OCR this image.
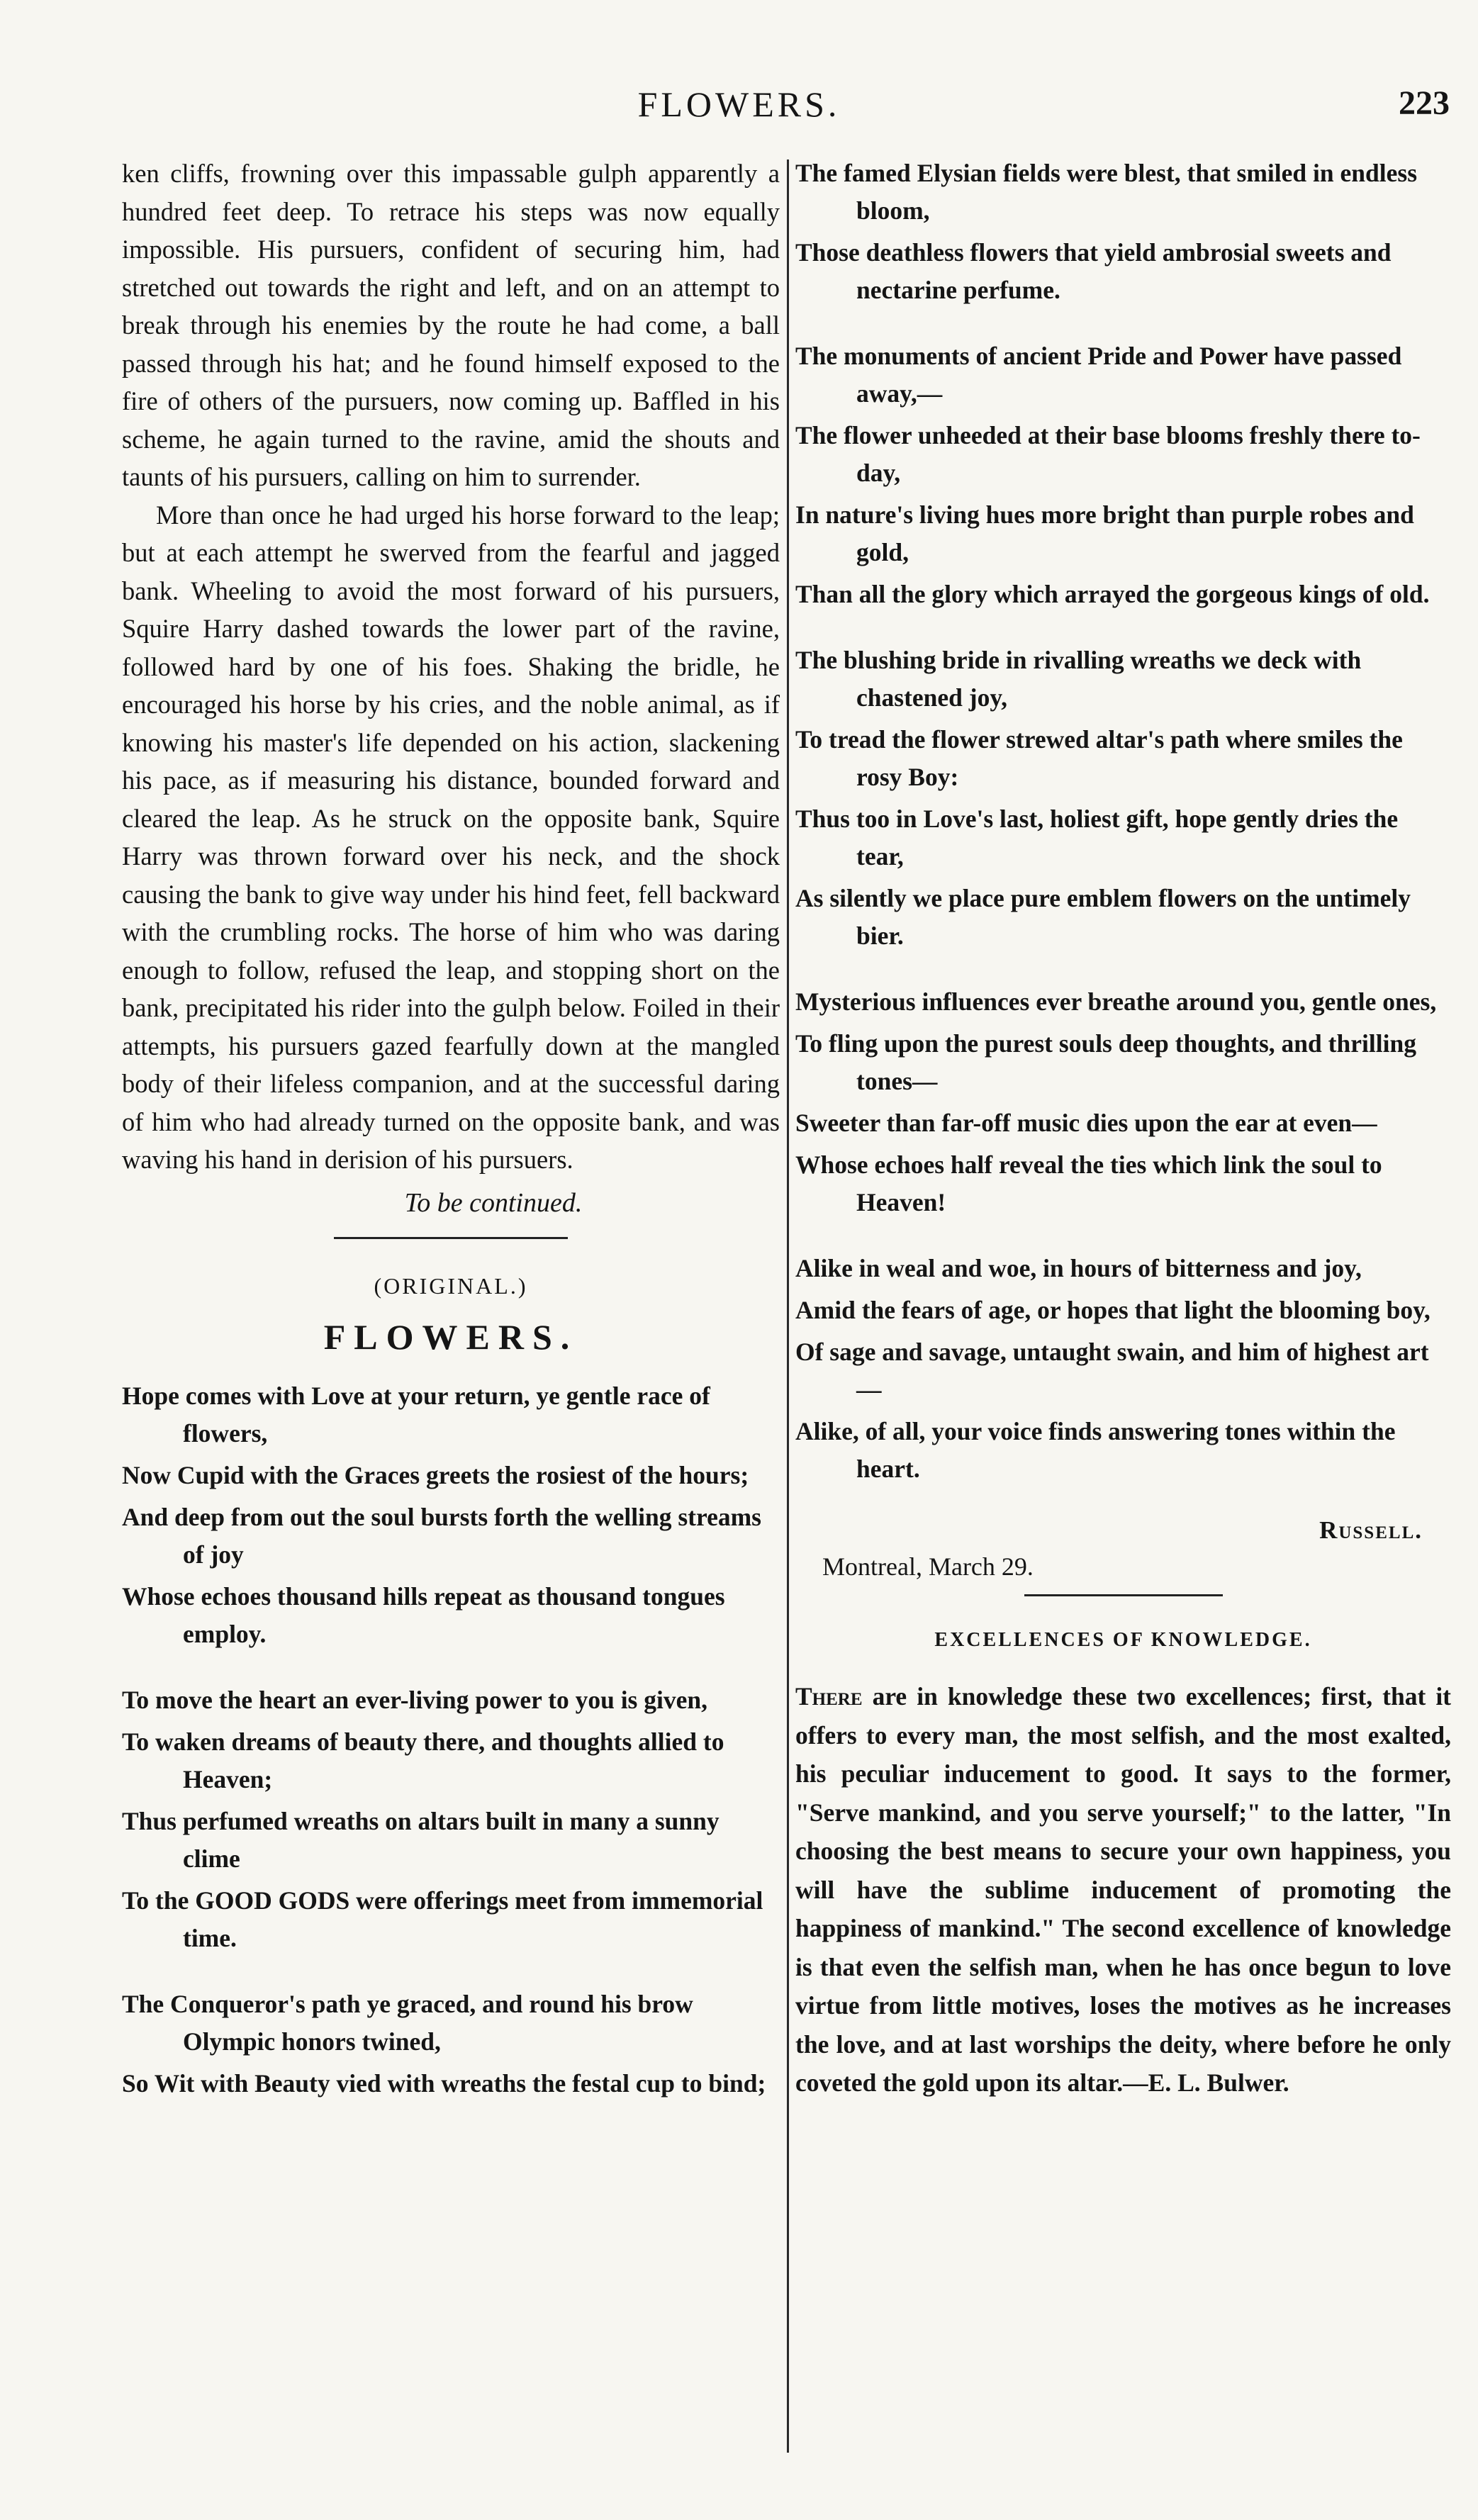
FLOWERS.	223

ken cliffs, frowning over this impassable gulph apparently a hundred feet deep. To retrace his steps was now equally impossible. His pursuers, confident of securing him, had stretched out towards the right and left, and on an attempt to break through his enemies by the route he had come, a ball passed through his hat; and he found himself exposed to the fire of others of the pursuers, now coming up. Baffled in his scheme, he again turned to the ravine, amid the shouts and taunts of his pursuers, calling on him to surrender.

More than once he had urged his horse forward to the leap; but at each attempt he swerved from the fearful and jagged bank. Wheeling to avoid the most forward of his pursuers, Squire Harry dashed towards the lower part of the ravine, followed hard by one of his foes. Shaking the bridle, he encouraged his horse by his cries, and the noble animal, as if knowing his master's life depended on his action, slackening his pace, as if measuring his distance, bounded forward and cleared the leap. As he struck on the opposite bank, Squire Harry was thrown forward over his neck, and the shock causing the bank to give way under his hind feet, fell backward with the crumbling rocks. The horse of him who was daring enough to follow, refused the leap, and stopping short on the bank, precipitated his rider into the gulph below. Foiled in their attempts, his pursuers gazed fearfully down at the mangled body of their lifeless companion, and at the successful daring of him who had already turned on the opposite bank, and was waving his hand in derision of his pursuers.

To be continued.
(ORIGINAL.)
FLOWERS.
Hope comes with Love at your return, ye gentle race of flowers,
Now Cupid with the Graces greets the rosiest of the hours;
And deep from out the soul bursts forth the welling streams of joy
Whose echoes thousand hills repeat as thousand tongues employ.
To move the heart an ever-living power to you is given,
To waken dreams of beauty there, and thoughts allied to Heaven;
Thus perfumed wreaths on altars built in many a sunny clime
To the GOOD GODS were offerings meet from immemorial time.
The Conqueror's path ye graced, and round his brow Olympic honors twined,
So Wit with Beauty vied with wreaths the festal cup to bind;
The famed Elysian fields were blest, that smiled in endless bloom,
Those deathless flowers that yield ambrosial sweets and nectarine perfume.
The monuments of ancient Pride and Power have passed away,—
The flower unheeded at their base blooms freshly there to-day,
In nature's living hues more bright than purple robes and gold,
Than all the glory which arrayed the gorgeous kings of old.
The blushing bride in rivalling wreaths we deck with chastened joy,
To tread the flower strewed altar's path where smiles the rosy Boy:
Thus too in Love's last, holiest gift, hope gently dries the tear,
As silently we place pure emblem flowers on the untimely bier.
Mysterious influences ever breathe around you, gentle ones,
To fling upon the purest souls deep thoughts, and thrilling tones—
Sweeter than far-off music dies upon the ear at even—
Whose echoes half reveal the ties which link the soul to Heaven!
Alike in weal and woe, in hours of bitterness and joy,
Amid the fears of age, or hopes that light the blooming boy,
Of sage and savage, untaught swain, and him of highest art—
Alike, of all, your voice finds answering tones within the heart.
Russell.
Montreal, March 29.
EXCELLENCES OF KNOWLEDGE.

There are in knowledge these two excellences; first, that it offers to every man, the most selfish, and the most exalted, his peculiar inducement to good. It says to the former, "Serve mankind, and you serve yourself;" to the latter, "In choosing the best means to secure your own happiness, you will have the sublime inducement of promoting the happiness of mankind." The second excellence of knowledge is that even the selfish man, when he has once begun to love virtue from little motives, loses the motives as he increases the love, and at last worships the deity, where before he only coveted the gold upon its altar.—E. L. Bulwer.
